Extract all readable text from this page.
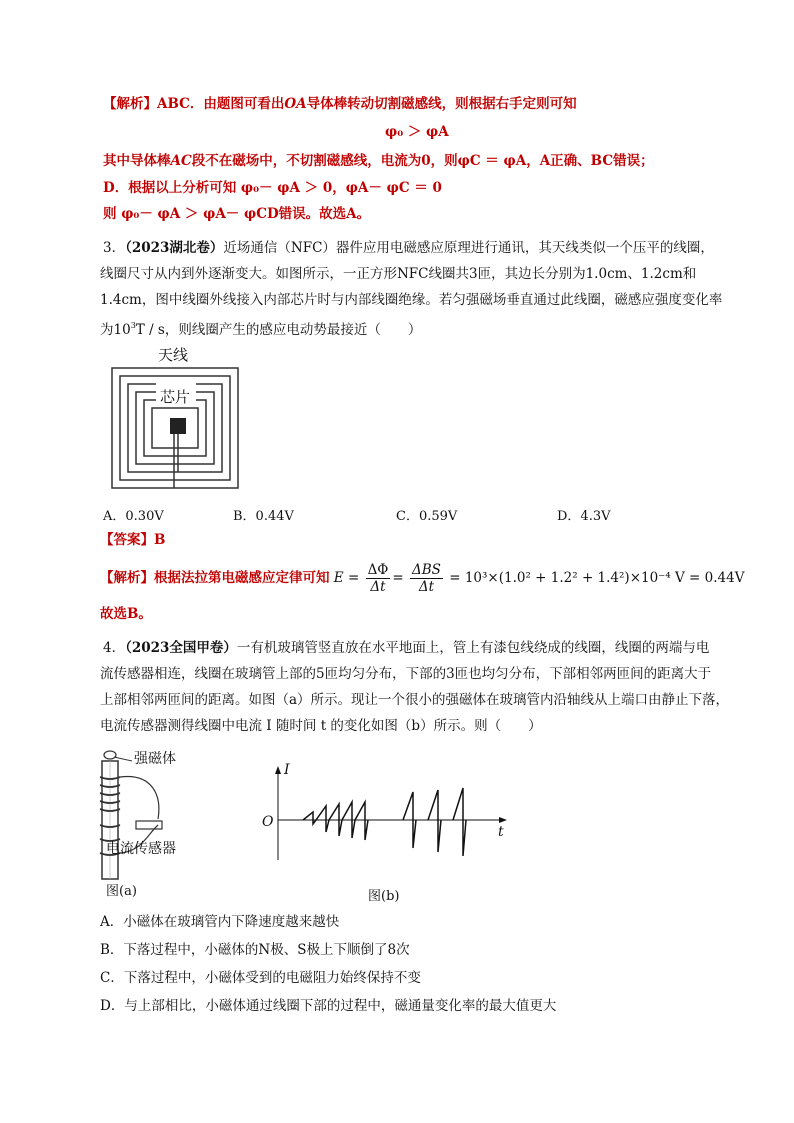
【解析】ABC．由题图可看出OA导体棒转动切割磁感线，则根据右手定则可知
φ₀ ＞ φA
其中导体棒AC段不在磁场中，不切割磁感线，电流为0，则φC ＝ φA，A正确、BC错误；
D．根据以上分析可知 φ₀－ φA ＞ 0，φA－ φC ＝ 0
则 φ₀－ φA ＞ φA－ φCD错误。故选A。
3．（2023湖北卷）近场通信（NFC）器件应用电磁感应原理进行通讯，其天线类似一个压平的线圈，
线圈尺寸从内到外逐渐变大。如图所示，一正方形NFC线圈共3匝，其边长分别为1.0cm、1.2cm和
1.4cm，图中线圈外线接入内部芯片时与内部线圈绝缘。若匀强磁场垂直通过此线圈，磁感应强度变化率
为$10^3T$ / s，则线圈产生的感应电动势最接近（　　）
天线
芯片
A．0.30V	B．0.44V	C．0.59V	D．4.3V
【答案】B
【解析】根据法拉第电磁感应定律可知 $E = \frac{\Delta\Phi}{\Delta t} = \frac{\text{ΔBS}}{\Delta t} = 10^3\times(1.0^2 + 1.2^2 + 1.4^2)\times 10^{-4}$ V = 0.44V
故选B。
4．（2023全国甲卷）一有机玻璃管竖直放在水平地面上，管上有漆包线绕成的线圈，线圈的两端与电
流传感器相连，线圈在玻璃管上部的5匝均匀分布，下部的3匝也均匀分布，下部相邻两匝间的距离大于
上部相邻两匝间的距离。如图（a）所示。现让一个很小的强磁体在玻璃管内沿轴线从上端口由静止下落，
电流传感器测得线圈中电流 I 随时间 t 的变化如图（b）所示。则（　　）
强磁体
电流传感器
图(a)
I
t
O
图(b)
A．小磁体在玻璃管内下降速度越来越快
B．下落过程中，小磁体的N极、S极上下顺倒了8次
C．下落过程中，小磁体受到的电磁阻力始终保持不变
D．与上部相比，小磁体通过线圈下部的过程中，磁通量变化率的最大值更大
